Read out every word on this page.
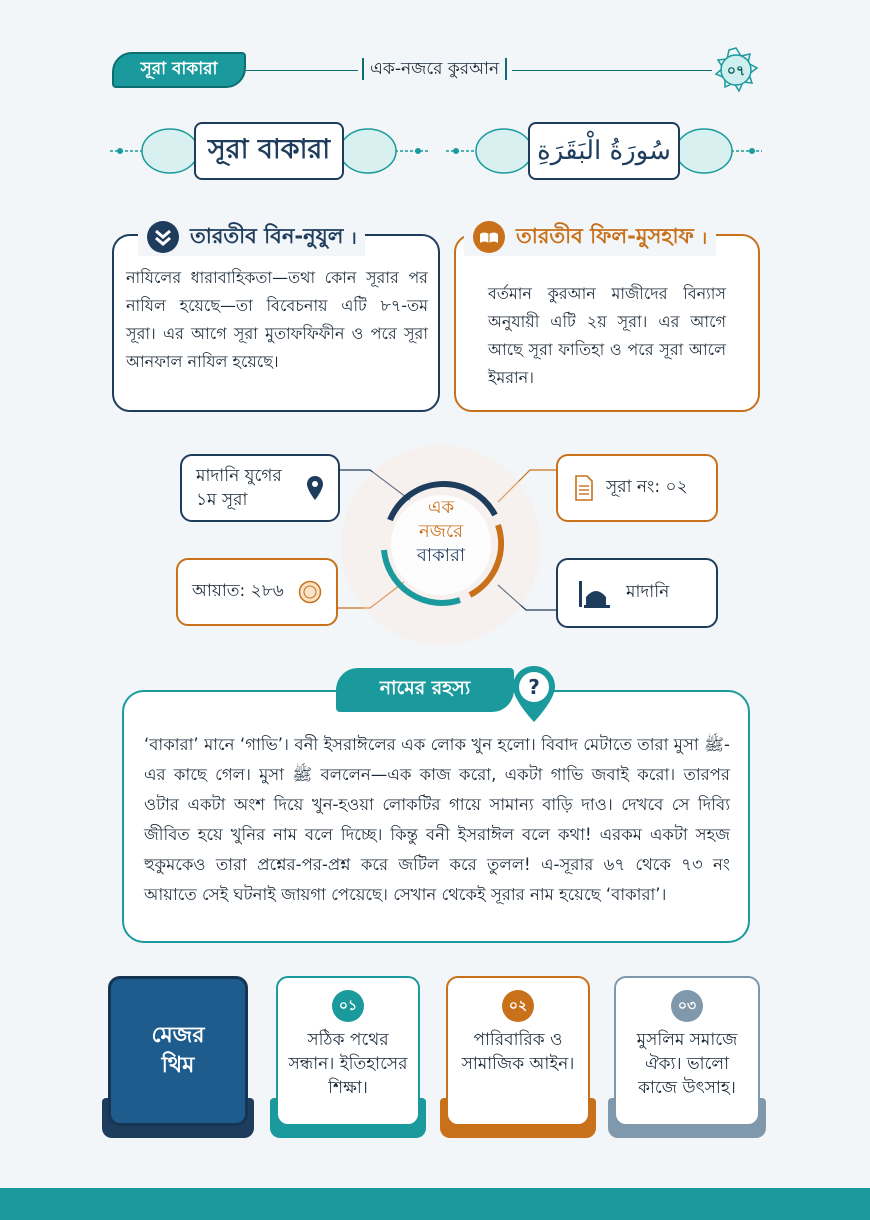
সূরা বাকারা	এক-নজরে কুরআন	০৭
সূরা বাকারা	سُورَةُ الْبَقَرَةِ
তারতীব বিন-নুযুল ı
নাযিলের ধারাবাহিকতা—তথা কোন সূরার পর নাযিল হয়েছে—তা বিবেচনায় এটি ৮৭-তম সূরা। এর আগে সূরা মুতাফফিফীন ও পরে সূরা আনফাল নাযিল হয়েছে।
তারতীব ফিল-মুসহাফ ı
বর্তমান কুরআন মাজীদের বিন্যাস অনুযায়ী এটি ২য় সূরা। এর আগে আছে সূরা ফাতিহা ও পরে সূরা আলে ইমরান।
এক
নজরে
বাকারা
মাদানি যুগের ১ম সূরা
সূরা নং: ০২
আয়াত: ২৮৬	মাদানি
নামের রহস্য	?
‘বাকারা’ মানে ‘গাভি’। বনী ইসরাঈলের এক লোক খুন হলো। বিবাদ মেটাতে তারা মুসা ﷺ-এর কাছে গেল। মুসা ﷺ বললেন—এক কাজ করো, একটা গাভি জবাই করো। তারপর ওটার একটা অংশ দিয়ে খুন-হওয়া লোকটির গায়ে সামান্য বাড়ি দাও। দেখবে সে দিব্যি জীবিত হয়ে খুনির নাম বলে দিচ্ছে। কিন্তু বনী ইসরাঈল বলে কথা! এরকম একটা সহজ হুকুমকেও তারা প্রশ্নের-পর-প্রশ্ন করে জটিল করে তুলল! এ-সূরার ৬৭ থেকে ৭৩ নং আয়াতে সেই ঘটনাই জায়গা পেয়েছে। সেখান থেকেই সূরার নাম হয়েছে ‘বাকারা’।
মেজর থিম
০১
সঠিক পথের সন্ধান। ইতিহাসের শিক্ষা।
০২
পারিবারিক ও সামাজিক আইন।
০৩
মুসলিম সমাজে ঐক্য। ভালো কাজে উৎসাহ।
